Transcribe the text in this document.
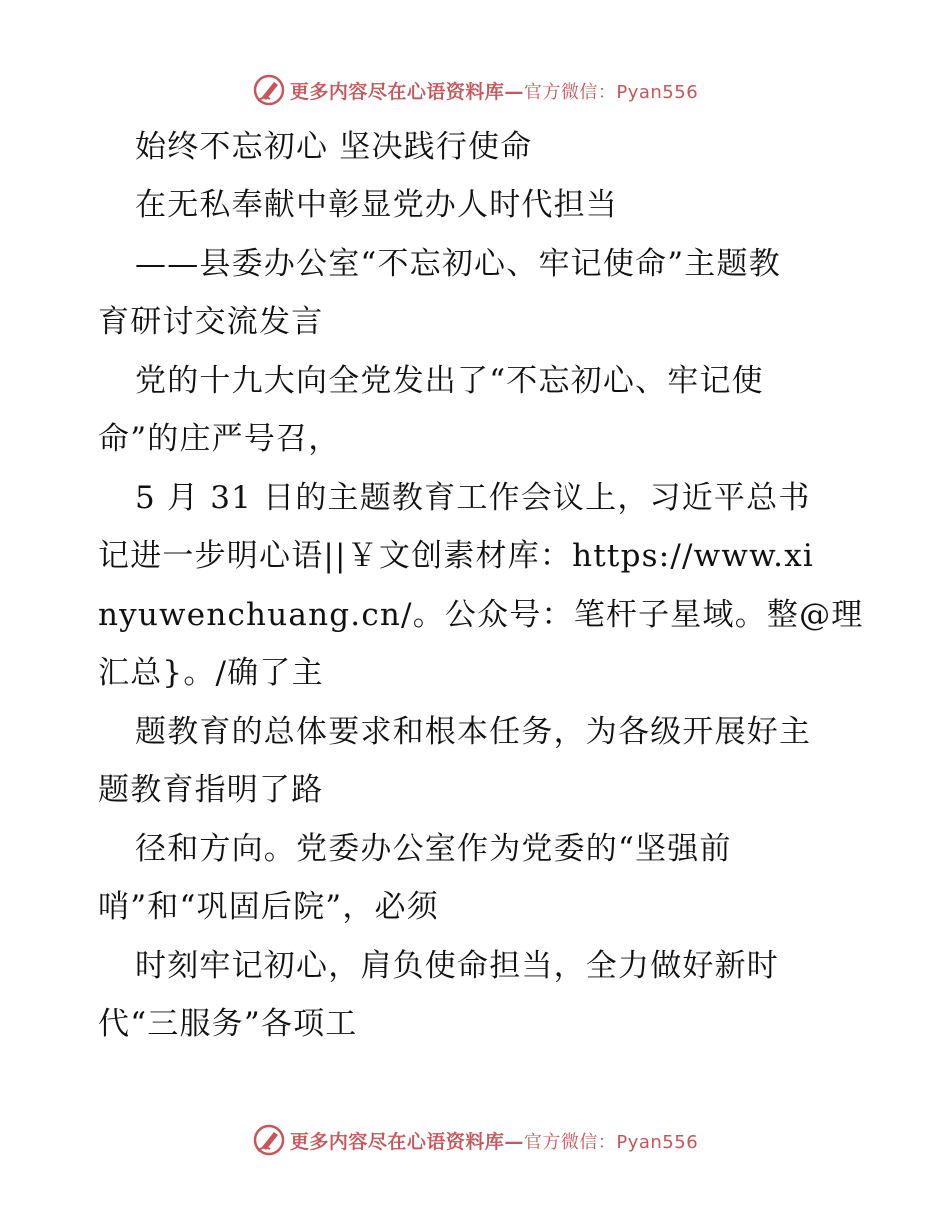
更多内容尽在心语资料库—官方微信：Pyan556
始终不忘初心 坚决践行使命
在无私奉献中彰显党办人时代担当
——县委办公室“不忘初心、牢记使命”主题教
育研讨交流发言
党的十九大向全党发出了“不忘初心、牢记使
命”的庄严号召，
5 月 31 日的主题教育工作会议上，习近平总书
记进一步明心语||￥文创素材库：https://www.xi
nyuwenchuang.cn/。公众号：笔杆子星域。整@理
汇总}。/确了主
题教育的总体要求和根本任务，为各级开展好主
题教育指明了路
径和方向。党委办公室作为党委的“坚强前
哨”和“巩固后院”，必须
时刻牢记初心，肩负使命担当，全力做好新时
代“三服务”各项工
更多内容尽在心语资料库—官方微信：Pyan556
